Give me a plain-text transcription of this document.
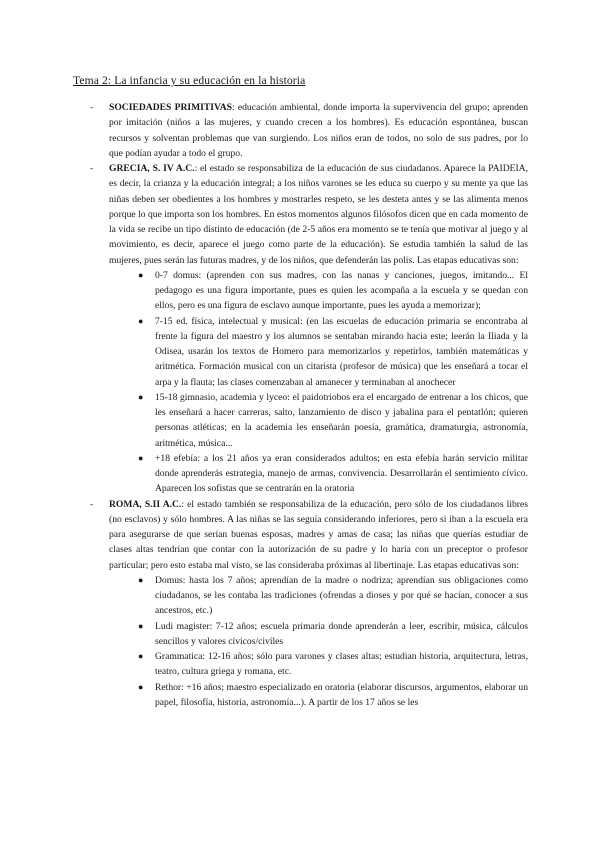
Tema 2: La infancia y su educación en la historia
- SOCIEDADES PRIMITIVAS: educación ambiental, donde importa la supervivencia del grupo; aprenden por imitación (niños a las mujeres, y cuando crecen a los hombres). Es educación espontánea, buscan recursos y solventan problemas que van surgiendo. Los niños eran de todos, no solo de sus padres, por lo que podían ayudar a todo el grupo.
- GRECIA, S. IV A.C.: el estado se responsabiliza de la educación de sus ciudadanos. Aparece la PAIDEIA, es decir, la crianza y la educación integral; a los niños varones se les educa su cuerpo y su mente ya que las niñas deben ser obedientes a los hombres y mostrarles respeto, se les desteta antes y se las alimenta menos porque lo que importa son los hombres. En estos momentos algunos filósofos dicen que en cada momento de la vida se recibe un tipo distinto de educación (de 2-5 años era momento se te tenía que motivar al juego y al movimiento, es decir, aparece el juego como parte de la educación). Se estudia también la salud de las mujeres, pues serán las futuras madres, y de los niños, que defenderán las polis. Las etapas educativas son:
● 0-7 domus: (aprenden con sus madres, con las nanas y canciones, juegos, imitando... El pedagogo es una figura importante, pues es quien les acompaña a la escuela y se quedan con ellos, pero es una figura de esclavo aunque importante, pues les ayuda a memorizar);
● 7-15 ed. física, intelectual y musical: (en las escuelas de educación primaria se encontraba al frente la figura del maestro y los alumnos se sentaban mirando hacia este; leerán la Iliada y la Odisea, usarán los textos de Homero para memorizarlos y repetirlos, también matemáticas y aritmética. Formación musical con un citarista (profesor de música) que les enseñará a tocar el arpa y la flauta; las clases comenzaban al amanecer y terminaban al anochecer
● 15-18 gimnasio, academia y lyceo: el paidotriobos era el encargado de entrenar a los chicos, que les enseñará a hacer carreras, salto, lanzamiento de disco y jabalina para el pentatlón; quieren personas atléticas; en la academia les enseñarán poesía, gramática, dramaturgia, astronomía, aritmética, música...
● +18 efebía: a los 21 años ya eran considerados adultos; en esta efebía harán servicio militar donde aprenderás estrategia, manejo de armas, convivencia. Desarrollarán el sentimiento cívico. Aparecen los sofistas que se centrarán en la oratoria
- ROMA, S.II A.C.: el estado también se responsabiliza de la educación, pero sólo de los ciudadanos libres (no esclavos) y sólo hombres. A las niñas se las seguía considerando inferiores, pero si iban a la escuela era para asegurarse de que serían buenas esposas, madres y amas de casa; las niñas que querías estudiar de clases altas tendrían que contar con la autorización de su padre y lo haría con un preceptor o profesor particular; pero esto estaba mal visto, se las consideraba próximas al libertinaje. Las etapas educativas son:
● Domus: hasta los 7 años; aprendían de la madre o nodriza; aprendían sus obligaciones como ciudadanos, se les contaba las tradiciones (ofrendas a dioses y por qué se hacían, conocer a sus ancestros, etc.)
● Ludi magister: 7-12 años; escuela primaria donde aprenderán a leer, escribir, música, cálculos sencillos y valores cívicos/civiles
● Grammatica: 12-16 años; sólo para varones y clases altas; estudian historia, arquitectura, letras, teatro, cultura griega y romana, etc.
● Rethor: +16 años; maestro especializado en oratoria (elaborar discursos, argumentos, elaborar un papel, filosofía, historia, astronomía...). A partir de los 17 años se les
